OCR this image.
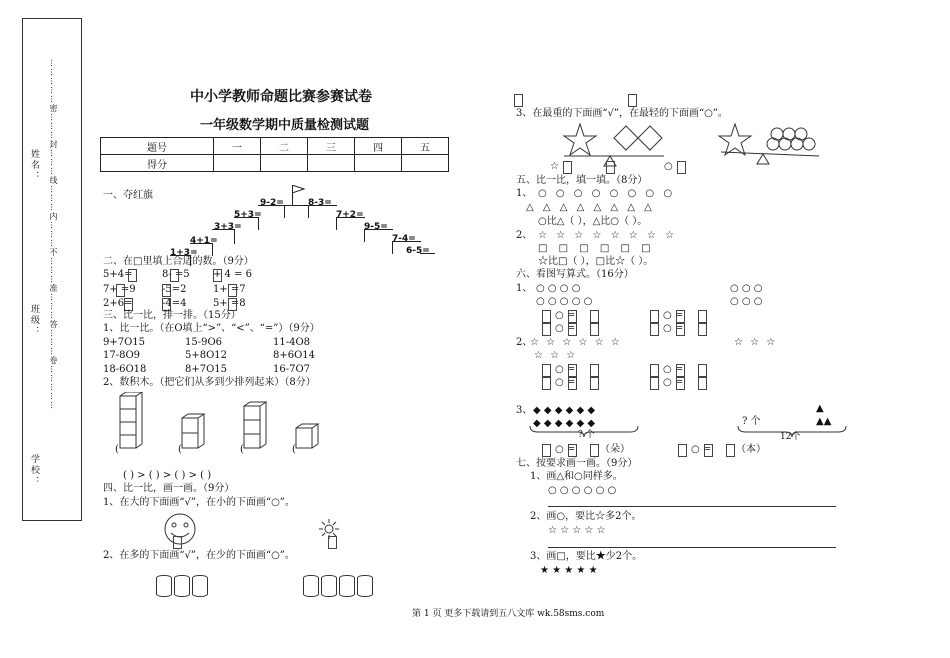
姓名：
班级：
学校：
……………密………封………线………内………不………准………答………卷……………	中小学教师命题比赛参赛试卷
一年级数学期中质量检测试题
题号	一	二	三	四	五
得分					
一、夺红旗
1+3=
4+1=
3+3=
5+3=
9-2=	8-3=
7+2=
9-5=
7-4=
6-5=
二、在□里填上合适的数。（9分）
5+4=	8- =5 + 4 = 6
7+ =9	-5=2	1+ =7
2+6=	-4=4	5+ =8
三、比一比，排一排。（15分）
1、比一比。（在O填上“>”、“<”、“=”）（9分）
9+7O15	15-9O6	11-4O8
17-8O9	5+8O12	8+6O14
18-6O18	8+7O15	16-7O7
2、数积木。（把它们从多到少排列起来）（8分）
(	(	(	(
( ) > ( ) > ( ) > ( )
四、比一比，画一画。（9分）
1、在大的下面画“√”，在小的下面画“○”。
2、在多的下面画“√”，在少的下面画“○”。
3、在最重的下面画“√”，在最轻的下面画“○”。
☆	○
五、比一比，填一填。（8分）
1、 ○ ○ ○ ○ ○ ○ ○ ○
△ △ △ △ △ △ △ △
○比△（ ），△比○（ ）。
2、 ☆ ☆ ☆ ☆ ☆ ☆ ☆ ☆
□ □ □ □ □ □
☆比□（ ），□比☆（ ）。
六、看图写算式。（16分）
1、 ○ ○ ○ ○
○ ○ ○ ○ ○
○ ○ ○
○ ○ ○
○ =
○ =
○ =
○ =
2、
☆ ☆ ☆ ☆ ☆ ☆
☆ ☆ ☆
☆ ☆ ☆
○ =
○ =
○ =
○ =
3、 ◆ ◆ ◆ ◆ ◆ ◆
◆ ◆ ◆ ◆ ◆ ◆
? 个
? 个
▲
▲▲
12个
○ = （朵）	○ = （本）
七、按要求画一画。（9分）
1、画△和○同样多。
○ ○ ○ ○ ○ ○
2、画○，要比☆多2个。
☆ ☆ ☆ ☆ ☆
3、画□，要比★少2个。
★ ★ ★ ★ ★
第 1 页 更多下载请到五八文库 wk.58sms.com
